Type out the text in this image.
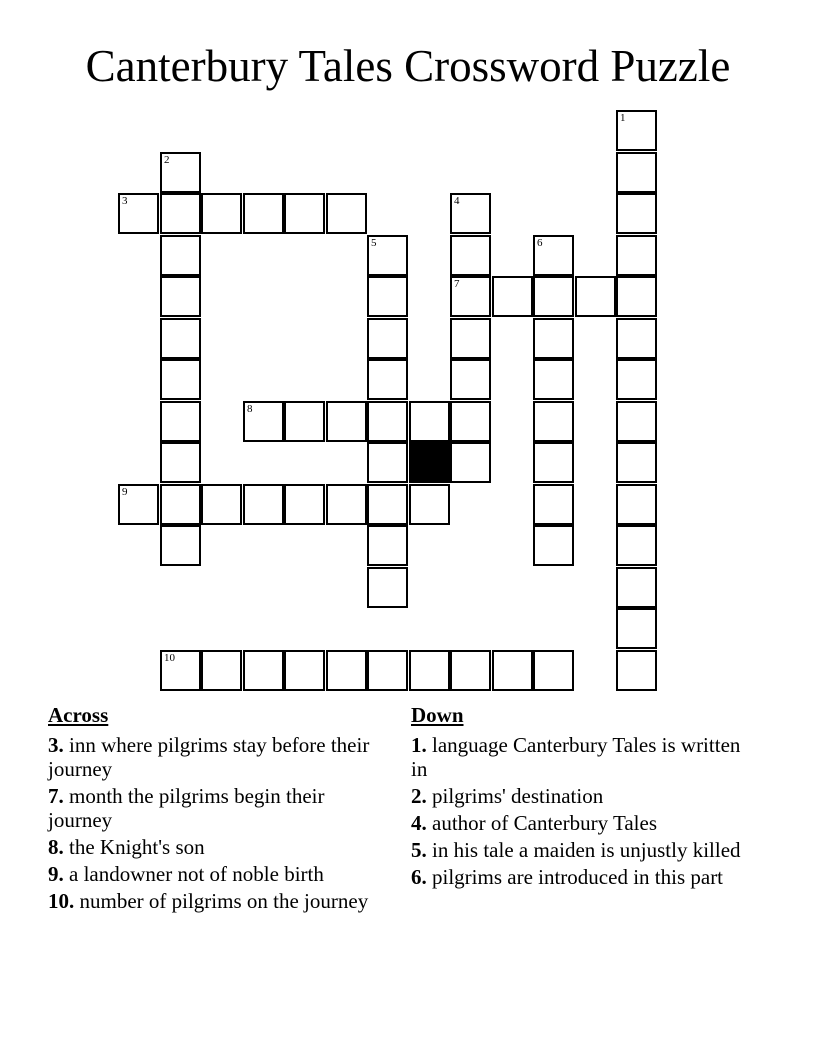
Canterbury Tales Crossword Puzzle
1
2
4
7
5	6
3
8
9
10
Across
3. inn where pilgrims stay before their journey
7. month the pilgrims begin their journey
8. the Knight's son
9. a landowner not of noble birth
10. number of pilgrims on the journey
Down
1. language Canterbury Tales is written in
2. pilgrims' destination
4. author of Canterbury Tales
5. in his tale a maiden is unjustly killed
6. pilgrims are introduced in this part
